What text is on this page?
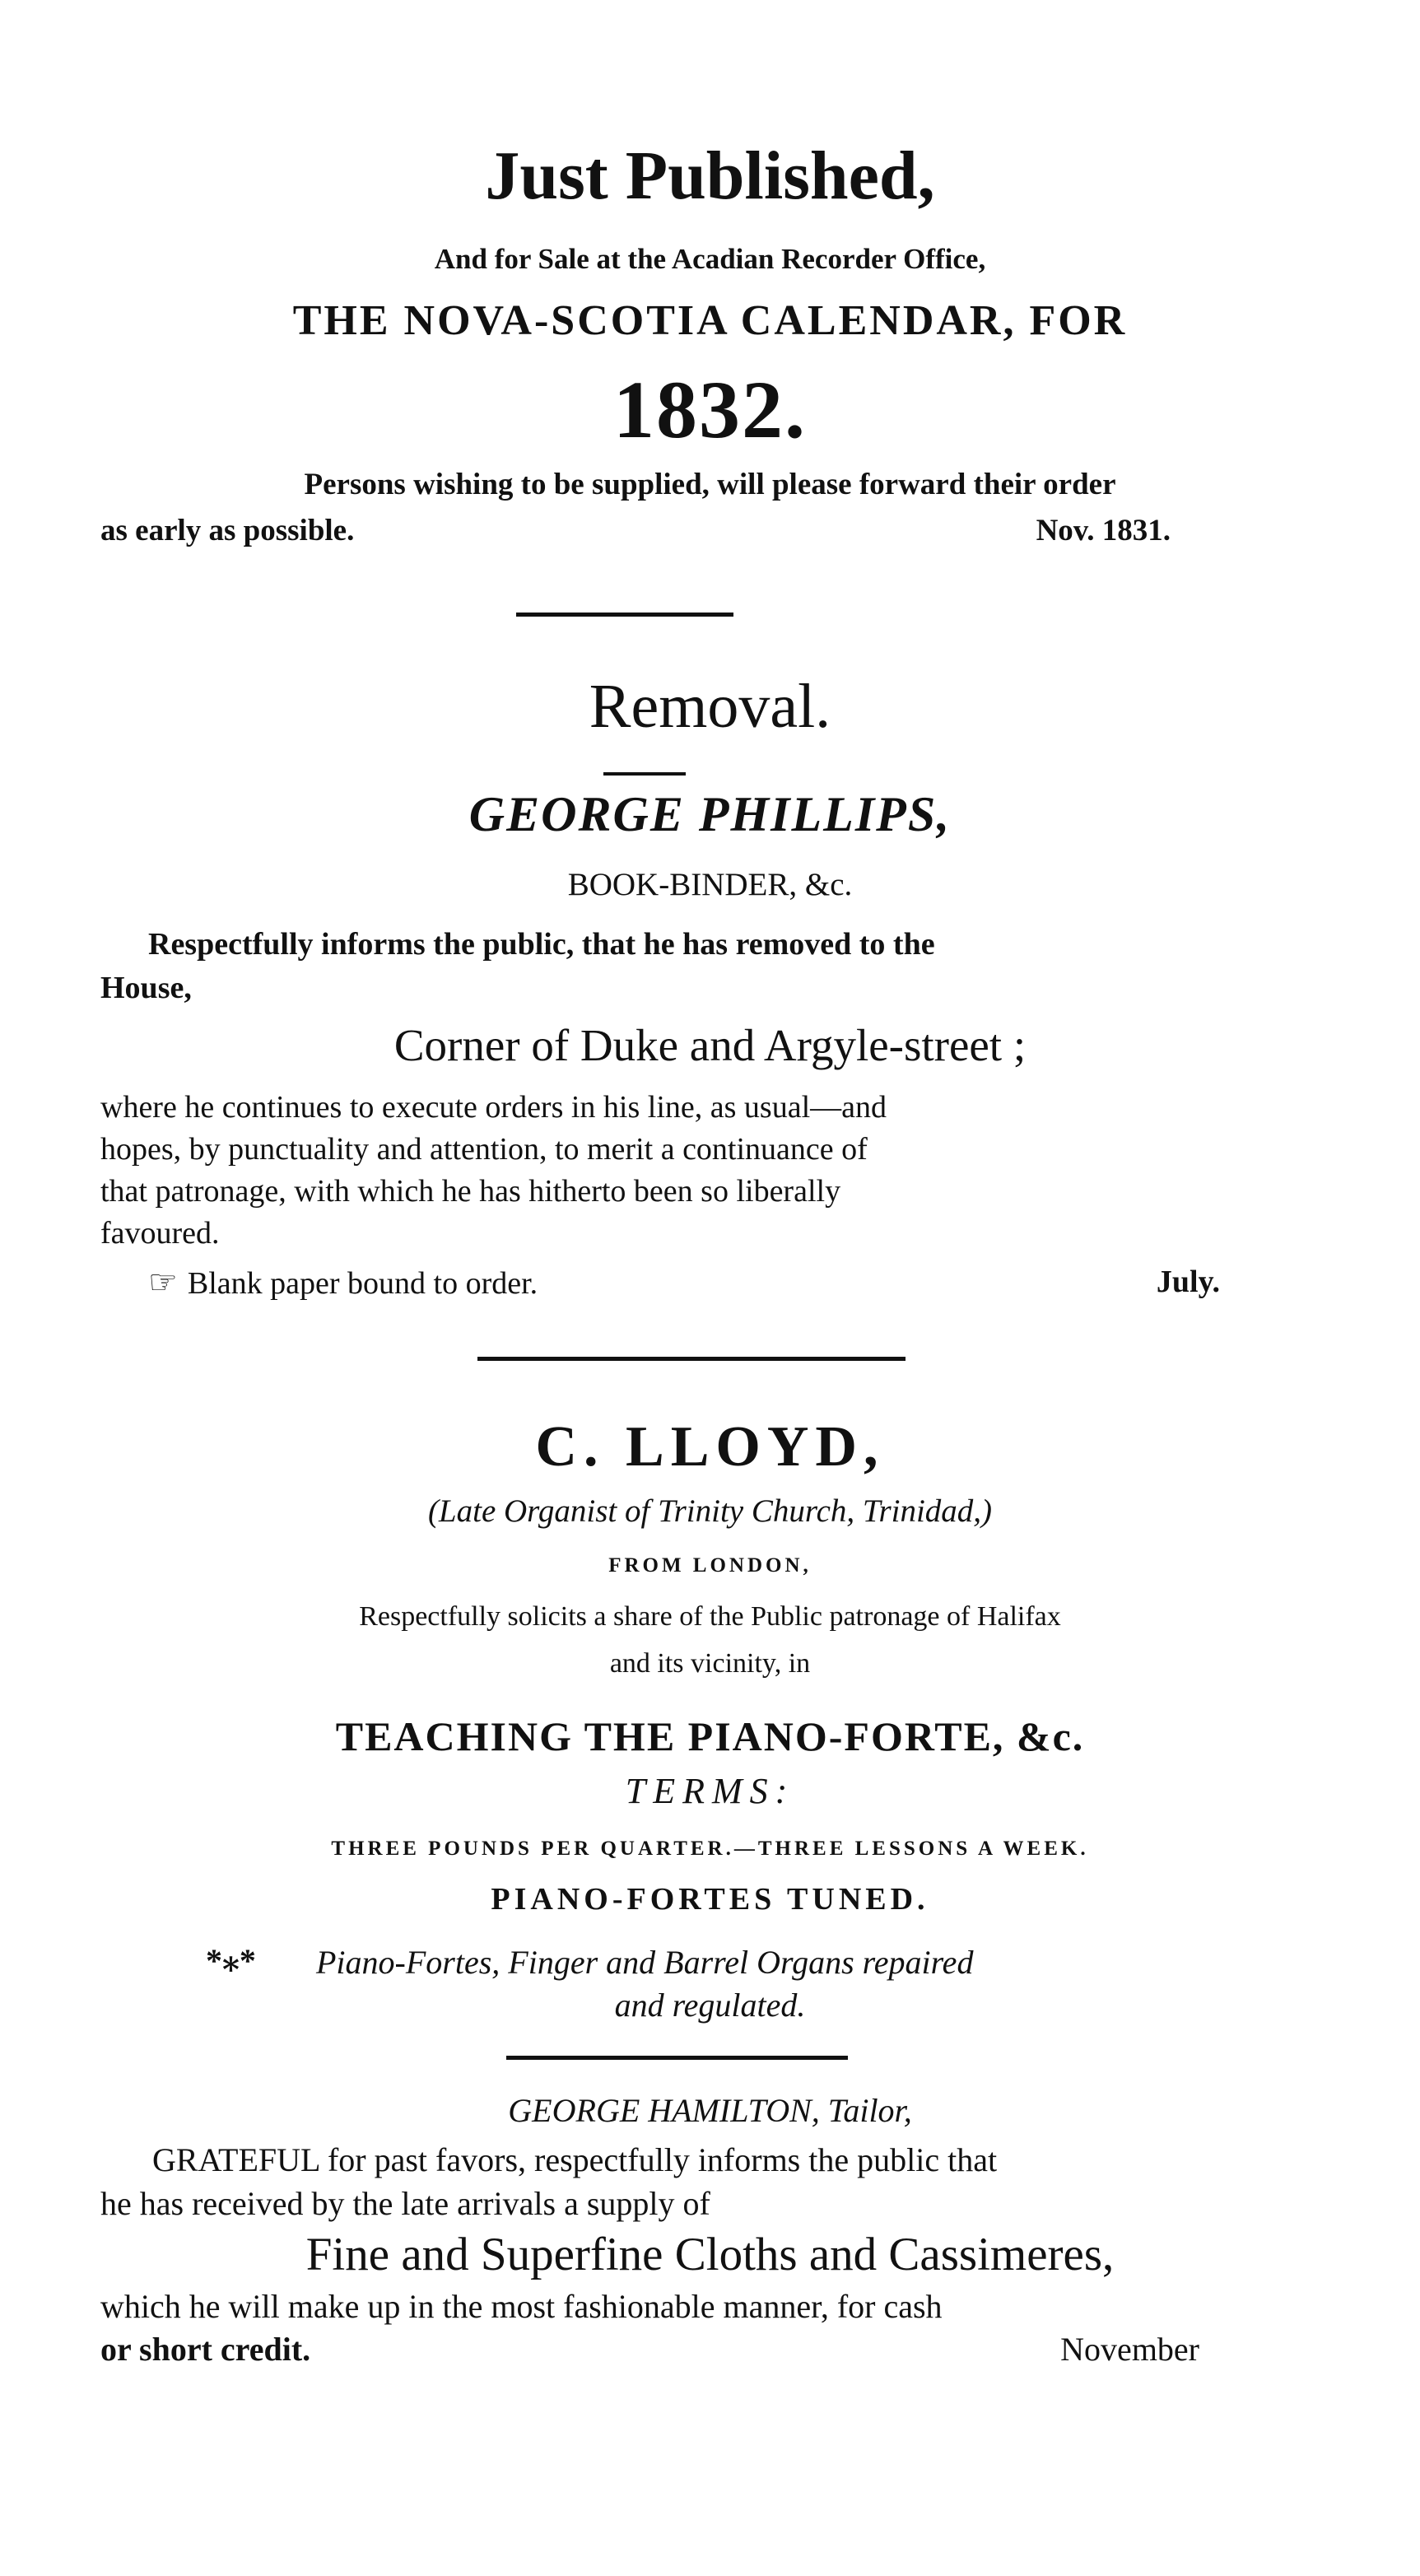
Just Published,
And for Sale at the Acadian Recorder Office,
THE NOVA-SCOTIA CALENDAR, FOR
1832.
Persons wishing to be supplied, will please forward their order
as early as possible.	Nov. 1831.
Removal.
GEORGE PHILLIPS,
BOOK-BINDER, &c.
Respectfully informs the public, that he has removed to the
House,
Corner of Duke and Argyle-street ;
where he continues to execute orders in his line, as usual—and
hopes, by punctuality and attention, to merit a continuance of
that patronage, with which he has hitherto been so liberally
favoured.
☞ Blank paper bound to order.	July.
C. LLOYD,
(Late Organist of Trinity Church, Trinidad,)
FROM LONDON,
Respectfully solicits a share of the Public patronage of Halifax
and its vicinity, in
TEACHING THE PIANO-FORTE, &c.
TERMS:
THREE POUNDS PER QUARTER.—THREE LESSONS A WEEK.
PIANO-FORTES TUNED.
*⁎* Piano-Fortes, Finger and Barrel Organs repaired
and regulated.
GEORGE HAMILTON, Tailor,
GRATEFUL for past favors, respectfully informs the public that
he has received by the late arrivals a supply of
Fine and Superfine Cloths and Cassimeres,
which he will make up in the most fashionable manner, for cash
or short credit.	November
